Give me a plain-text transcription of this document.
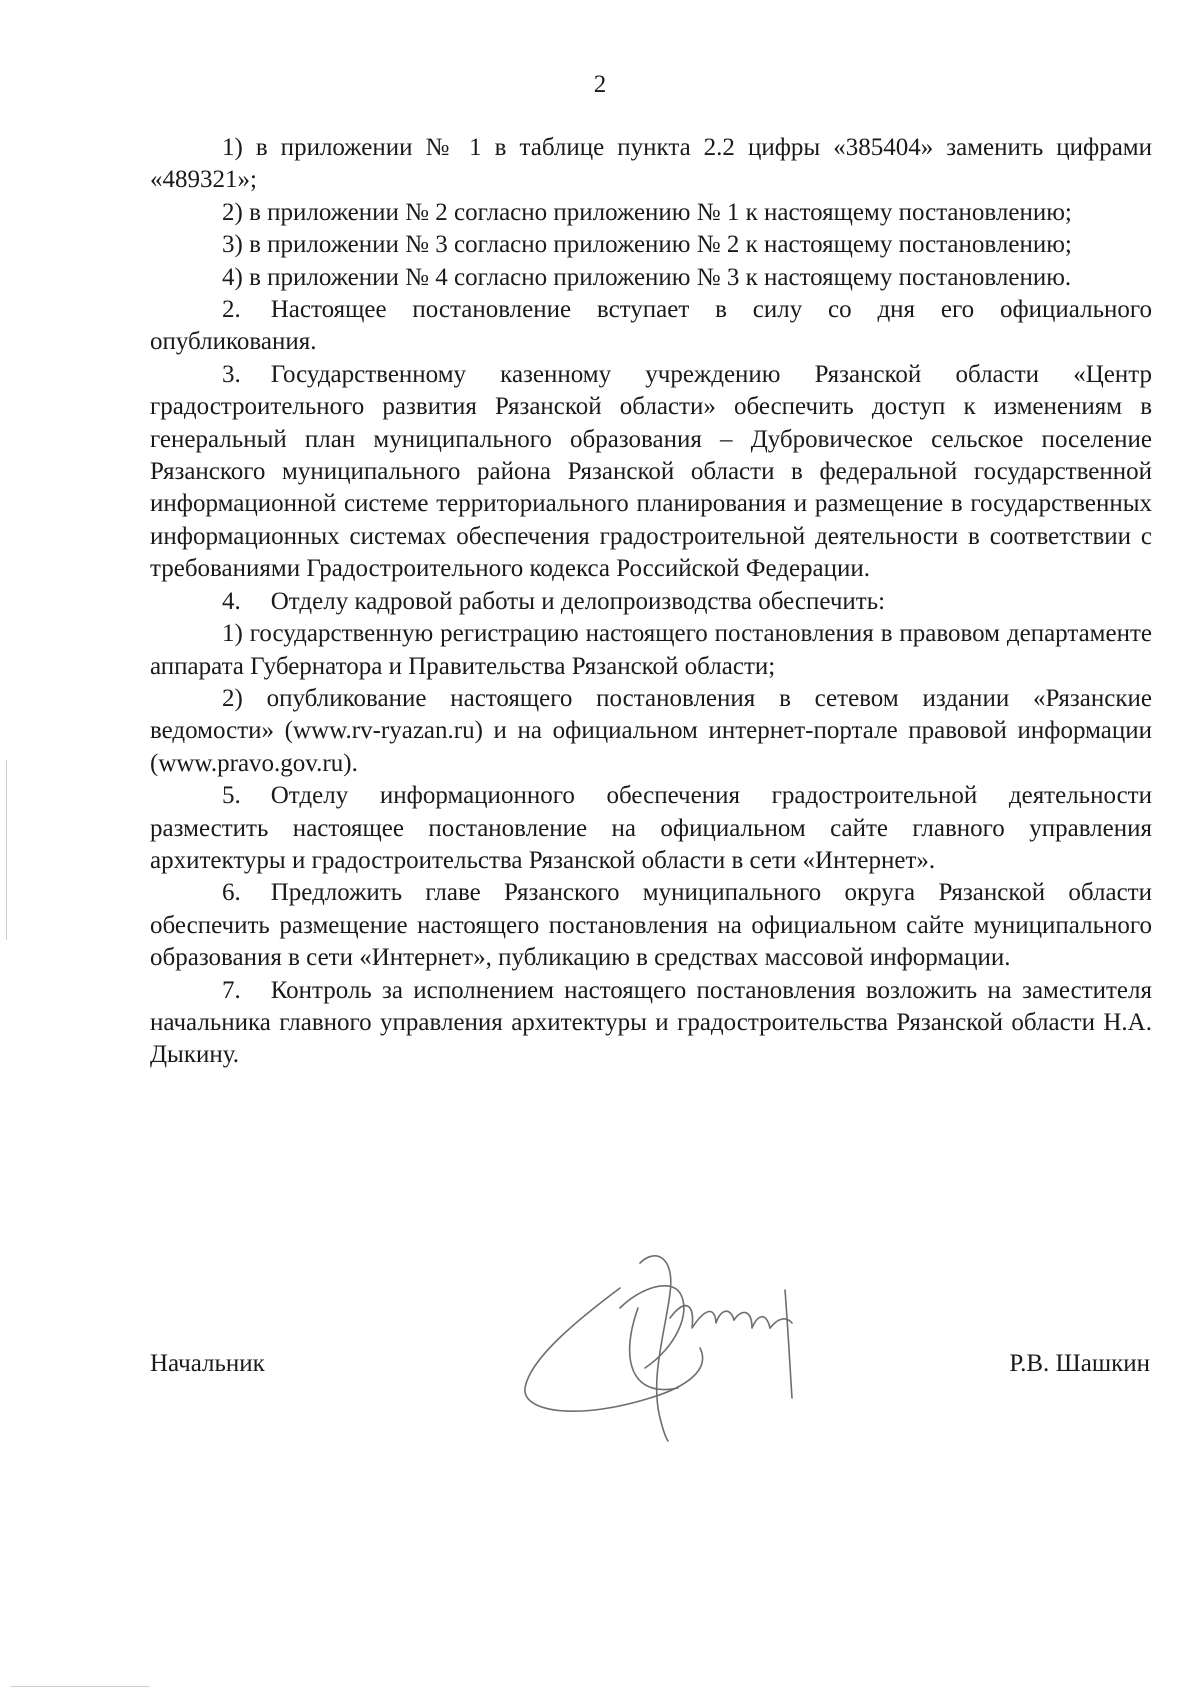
2

1) в приложении № 1 в таблице пункта 2.2 цифры «385404» заменить цифрами «489321»;

2) в приложении № 2 согласно приложению № 1 к настоящему постановлению;

3) в приложении № 3 согласно приложению № 2 к настоящему постановлению;

4) в приложении № 4 согласно приложению № 3 к настоящему постановлению.

2. Настоящее постановление вступает в силу со дня его официального опубликования.

3. Государственному казенному учреждению Рязанской области «Центр градостроительного развития Рязанской области» обеспечить доступ к изменениям в генеральный план муниципального образования – Дубровическое сельское поселение Рязанского муниципального района Рязанской области в федеральной государственной информационной системе территориального планирования и размещение в государственных информационных системах обеспечения градостроительной деятельности в соответствии с требованиями Градостроительного кодекса Российской Федерации.

4. Отделу кадровой работы и делопроизводства обеспечить:

1) государственную регистрацию настоящего постановления в правовом департаменте аппарата Губернатора и Правительства Рязанской области;

2) опубликование настоящего постановления в сетевом издании «Рязанские ведомости» (www.rv-ryazan.ru) и на официальном интернет-портале правовой информации (www.pravo.gov.ru).

5. Отделу информационного обеспечения градостроительной деятельности разместить настоящее постановление на официальном сайте главного управления архитектуры и градостроительства Рязанской области в сети «Интернет».

6. Предложить главе Рязанского муниципального округа Рязанской области обеспечить размещение настоящего постановления на официальном сайте муниципального образования в сети «Интернет», публикацию в средствах массовой информации.

7. Контроль за исполнением настоящего постановления возложить на заместителя начальника главного управления архитектуры и градостроительства Рязанской области Н.А. Дыкину.

Начальник	Р.В. Шашкин
